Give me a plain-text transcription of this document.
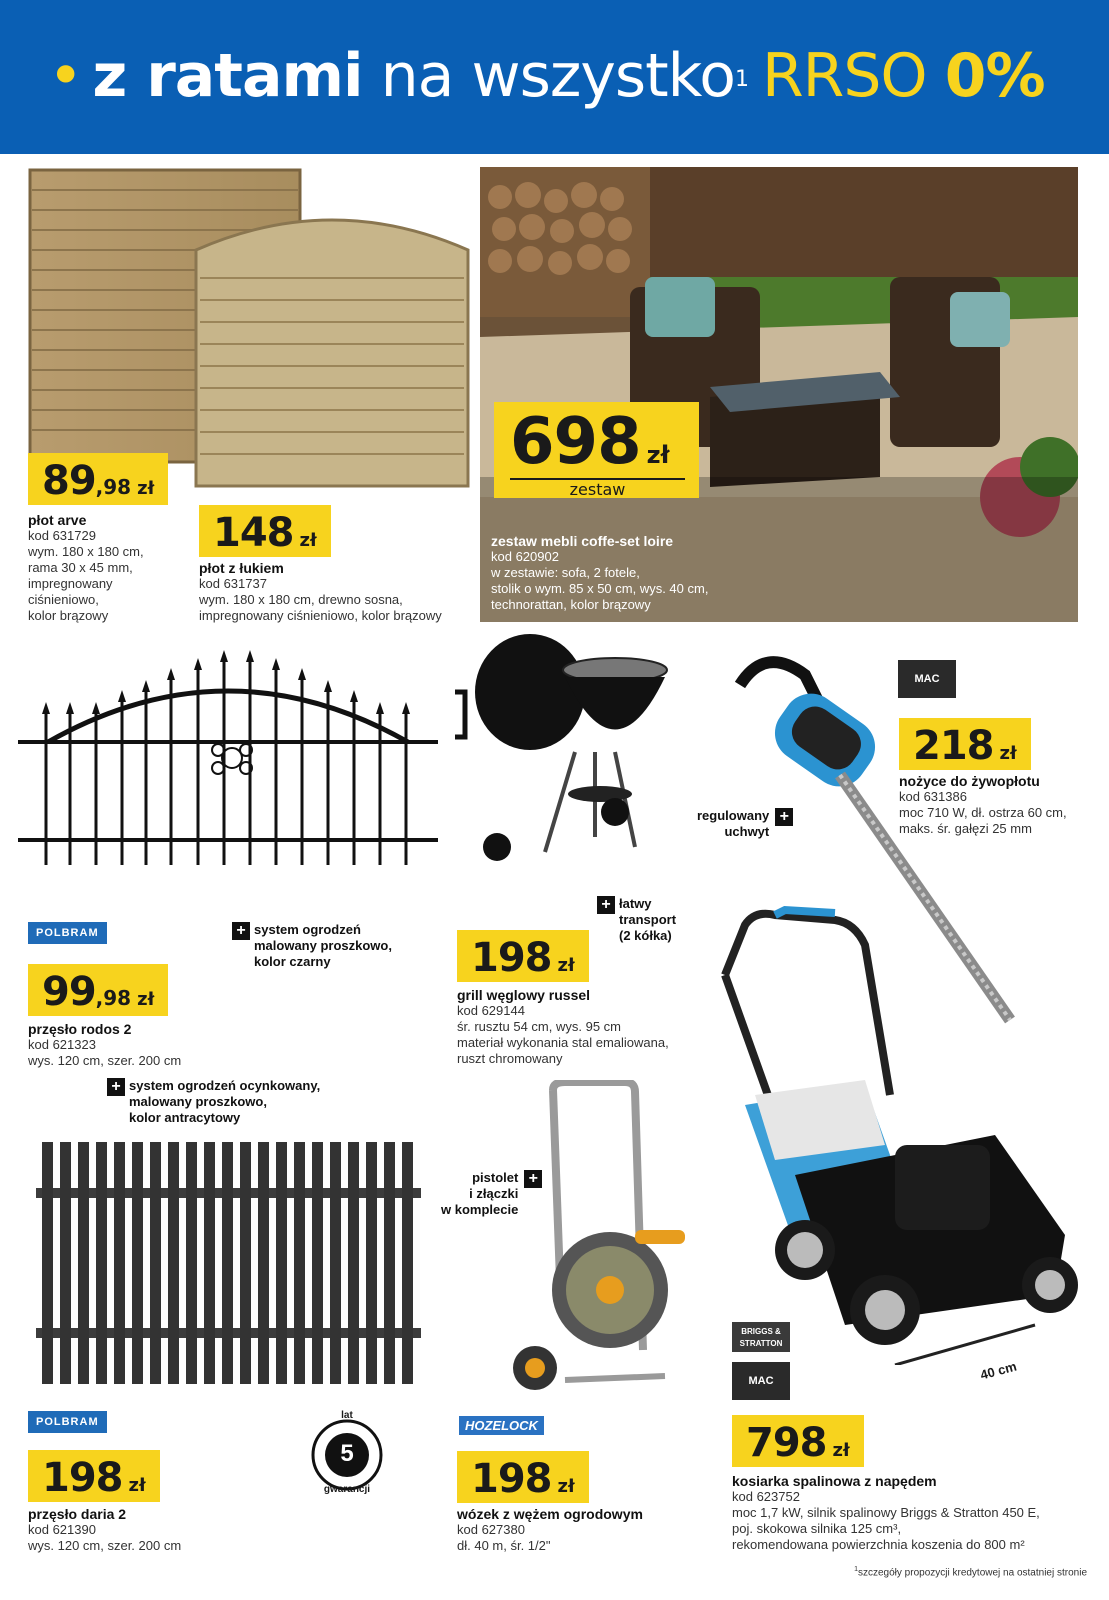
• z ratami na wszystko$^1$ RRSO 0%
89 ,98 zł
płot arve
kod 631729
wym. 180 x 180 cm,
rama 30 x 45 mm,
impregnowany
ciśnieniowo,
kolor brązowy
148 zł
płot z łukiem
kod 631737
wym. 180 x 180 cm, drewno sosna,
impregnowany ciśnieniowo, kolor brązowy
698 zł
zestaw
zestaw mebli coffe-set loire
kod 620902
w zestawie: sofa, 2 fotele,
stolik o wym. 85 x 50 cm, wys. 40 cm,
technorattan, kolor brązowy
+ system ogrodzeń
malowany proszkowo,
kolor czarny
POLBRAM
99 ,98 zł
przęsło rodos 2
kod 621323
wys. 120 cm, szer. 200 cm
+ łatwy
transport
(2 kółka)
198 zł
grill węglowy russel
kod 629144
śr. rusztu 54 cm, wys. 95 cm
materiał wykonania stal emaliowana,
ruszt chromowany
MAC
regulowany
uchwyt
+
218 zł
nożyce do żywopłotu
kod 631386
moc 710 W, dł. ostrza 60 cm,
maks. śr. gałęzi 25 mm
+ system ogrodzeń ocynkowany,
malowany proszkowo,
kolor antracytowy
POLBRAM
198 zł
przęsło daria 2
kod 621390
wys. 120 cm, szer. 200 cm
lat
5
gwarancji
pistolet
i złączki
w komplecie
+
HOZELOCK
198 zł
wózek z wężem ogrodowym
kod 627380
dł. 40 m, śr. 1/2"
40 cm
BRIGGS & STRATTON SILNIKI
MAC
798 zł
kosiarka spalinowa z napędem
kod 623752
moc 1,7 kW, silnik spalinowy Briggs & Stratton 450 E,
poj. skokowa silnika 125 cm³,
rekomendowana powierzchnia koszenia do 800 m²
$^1$szczegóły propozycji kredytowej na ostatniej stronie
